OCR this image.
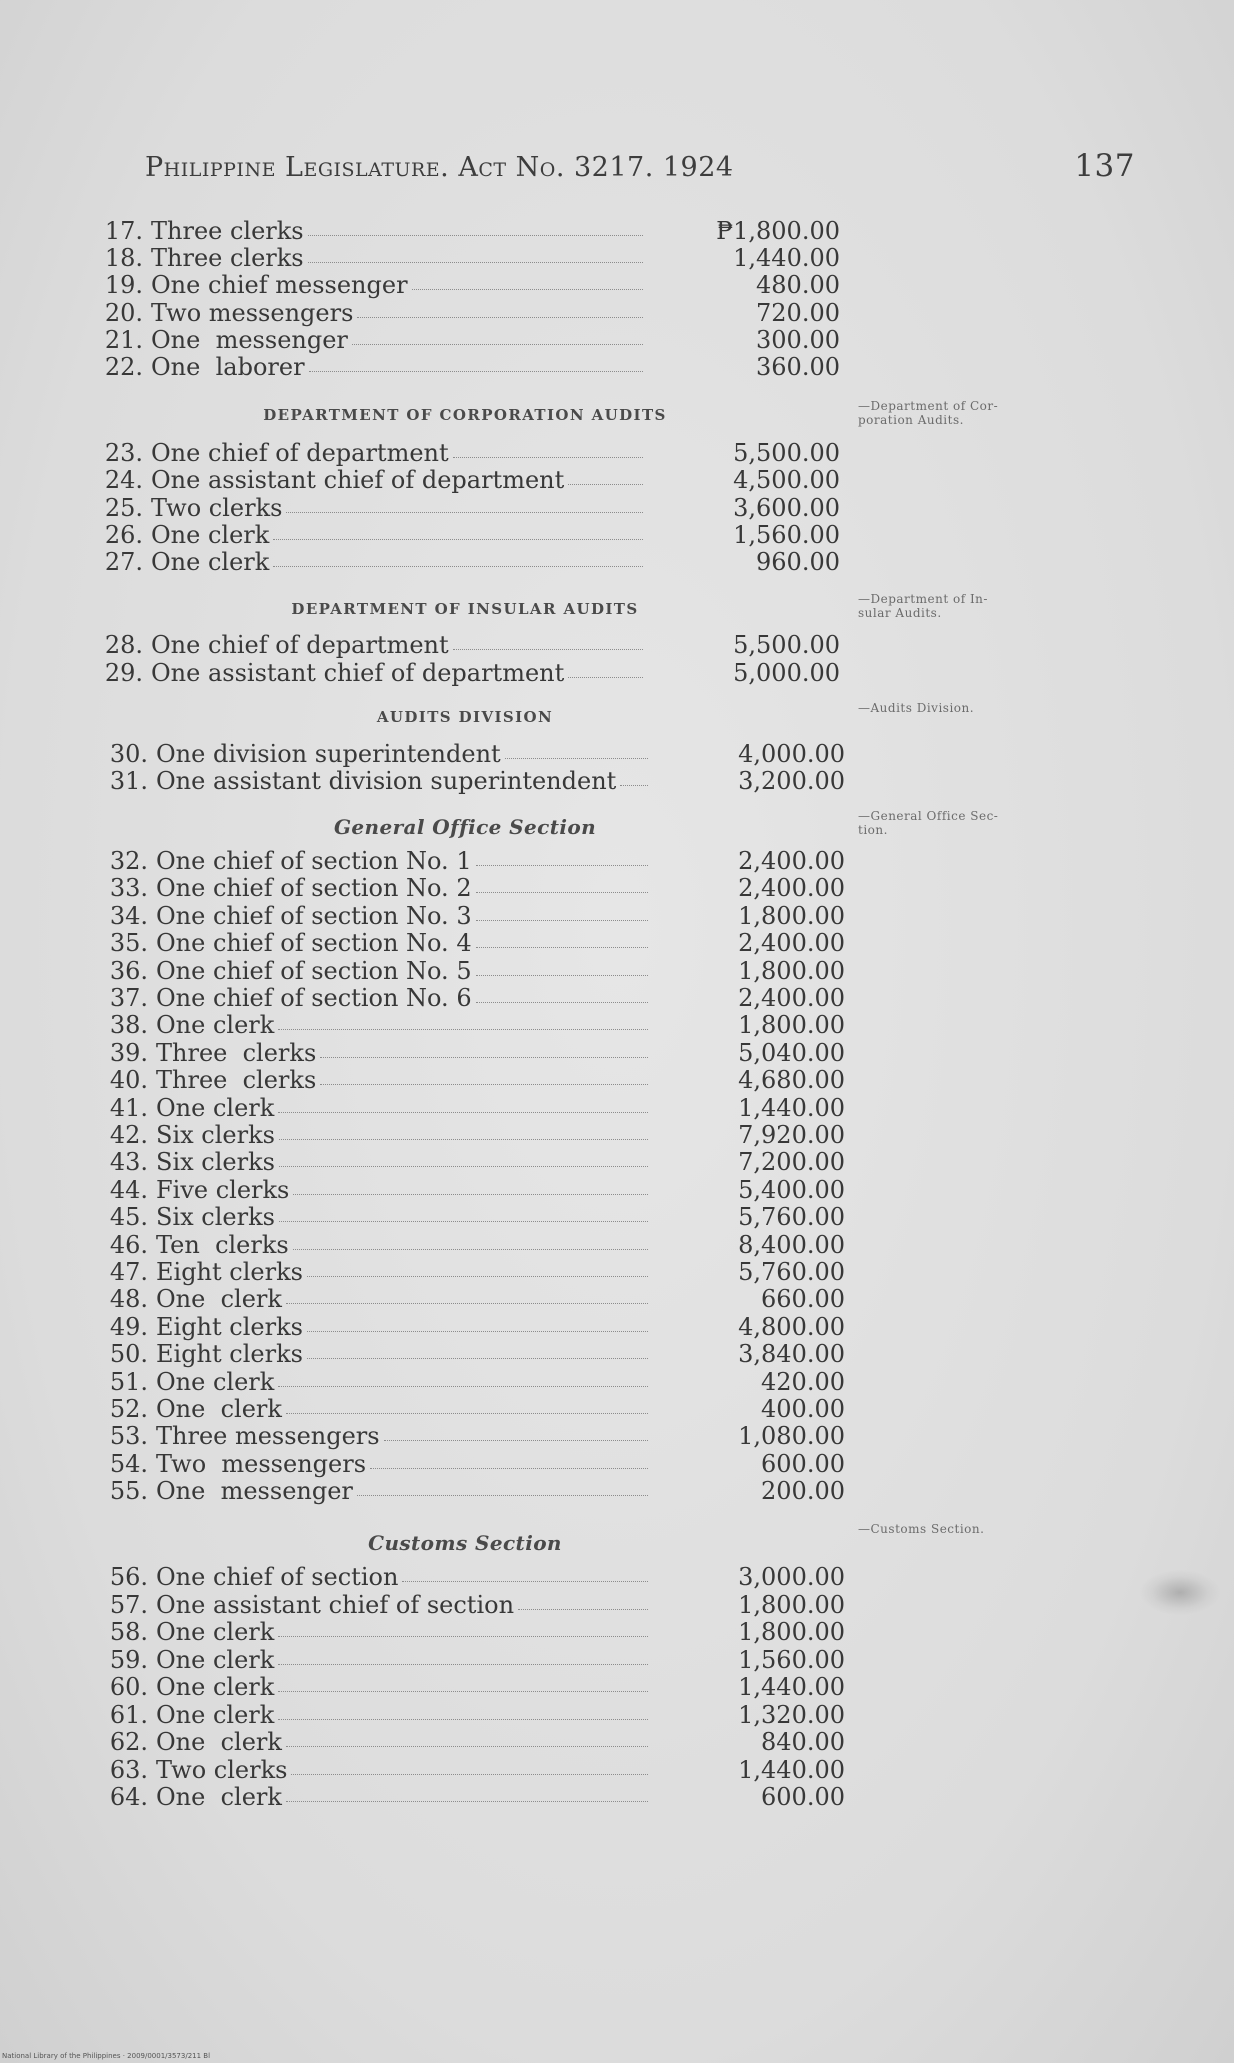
Philippine Legislature. Act No. 3217. 1924	137
DEPARTMENT OF CORPORATION AUDITS
DEPARTMENT OF INSULAR AUDITS
AUDITS DIVISION
General Office Section
Customs Section
—Department of Cor-
poration Audits.
—Department of In-
sular Audits.
—Audits Division.
—General Office Sec-
tion.
—Customs Section.
17. Three clerks	₱1,800.00
18. Three clerks	1,440.00
19. One chief messenger	480.00
20. Two messengers	720.00
21. One  messenger	300.00
22. One  laborer	360.00
23. One chief of department	5,500.00
24. One assistant chief of department	4,500.00
25. Two clerks	3,600.00
26. One clerk	1,560.00
27. One clerk	960.00
28. One chief of department	5,500.00
29. One assistant chief of department	5,000.00
30. One division superintendent	4,000.00
31. One assistant division superintendent	3,200.00
32. One chief of section No. 1	2,400.00
33. One chief of section No. 2	2,400.00
34. One chief of section No. 3	1,800.00
35. One chief of section No. 4	2,400.00
36. One chief of section No. 5	1,800.00
37. One chief of section No. 6	2,400.00
38. One clerk	1,800.00
39. Three  clerks	5,040.00
40. Three  clerks	4,680.00
41. One clerk	1,440.00
42. Six clerks	7,920.00
43. Six clerks	7,200.00
44. Five clerks	5,400.00
45. Six clerks	5,760.00
46. Ten  clerks	8,400.00
47. Eight clerks	5,760.00
48. One  clerk	660.00
49. Eight clerks	4,800.00
50. Eight clerks	3,840.00
51. One clerk	420.00
52. One  clerk	400.00
53. Three messengers	1,080.00
54. Two  messengers	600.00
55. One  messenger	200.00
56. One chief of section	3,000.00
57. One assistant chief of section	1,800.00
58. One clerk	1,800.00
59. One clerk	1,560.00
60. One clerk	1,440.00
61. One clerk	1,320.00
62. One  clerk	840.00
63. Two clerks	1,440.00
64. One  clerk	600.00
National Library of the Philippines · 2009/0001/3573/211 Bl
